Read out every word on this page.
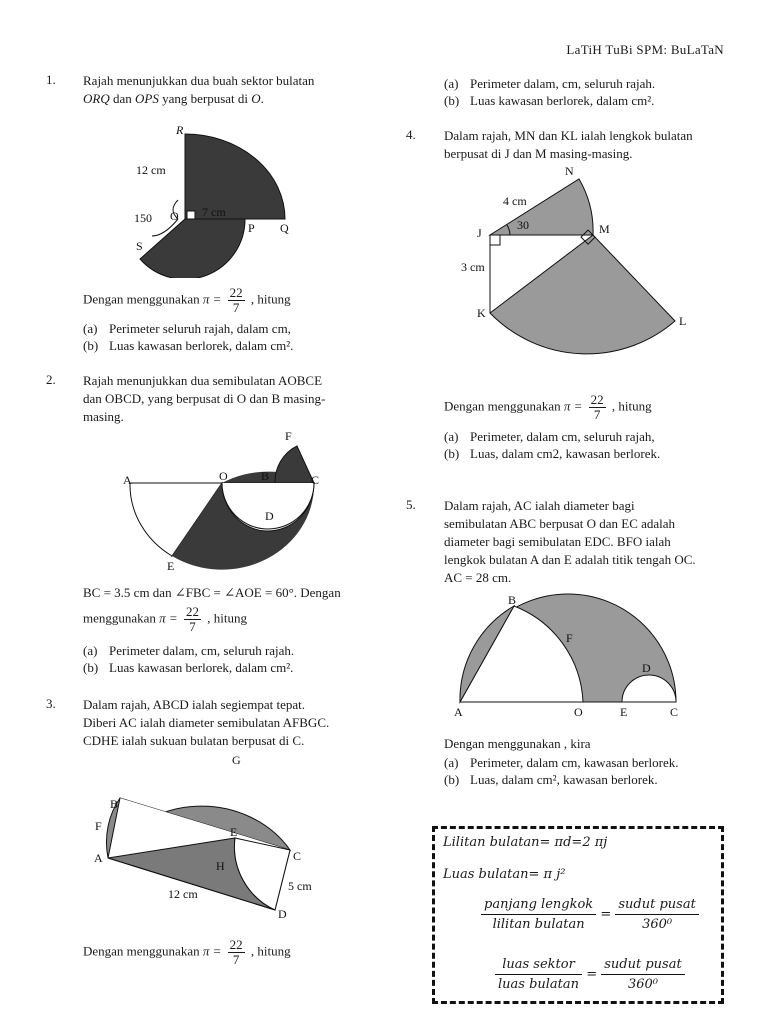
LaTiH TuBi SPM: BuLaTaN
1.	Rajah menunjukkan dua buah sektor bulatan
ORQ dan OPS yang berpusat di O.
R
12 cm
7 cm
150 O
P Q
S
Dengan menggunakan $\pi = \frac{22}{7}$ , hitung
(a) Perimeter seluruh rajah, dalam cm,
(b) Luas kawasan berlorek, dalam cm².
2.	Rajah menunjukkan dua semibulatan AOBCE
dan OBCD, yang berpusat di O dan B masing-
masing.
A	O	B	C
D
E
F
BC = 3.5 cm dan ∠FBC = ∠AOE = 60°. Dengan
menggunakan $\pi = \frac{22}{7}$ , hitung
(a) Perimeter dalam, cm, seluruh rajah.
(b) Luas kawasan berlorek, dalam cm².
3.	Dalam rajah, ABCD ialah segiempat tepat.
Diberi AC ialah diameter semibulatan AFBGC.
CDHE ialah sukuan bulatan berpusat di C.
G
B
F	E
A
H
C
5 cm
12 cm
D
Dengan menggunakan $\pi = \frac{22}{7}$ , hitung
(a) Perimeter dalam, cm, seluruh rajah.
(b) Luas kawasan berlorek, dalam cm².
4.	Dalam rajah, MN dan KL ialah lengkok bulatan
berpusat di J dan M masing-masing.
N
4 cm
30
J	M
3 cm
K
L
Dengan menggunakan $\pi = \frac{22}{7}$ , hitung
(a) Perimeter, dalam cm, seluruh rajah,
(b) Luas, dalam cm2, kawasan berlorek.
5.	Dalam rajah, AC ialah diameter bagi
semibulatan ABC berpusat O dan EC adalah
diameter bagi semibulatan EDC. BFO ialah
lengkok bulatan A dan E adalah titik tengah OC.
AC = 28 cm.
B
F
D
A	O	E	C
Dengan menggunakan , kira
(a) Perimeter, dalam cm, kawasan berlorek.
(b) Luas, dalam cm², kawasan berlorek.
Lilitan bulatan= πd=2 πj
Luas bulatan= π j²
panjang lengkok
lilitan bulatan
=
sudut pusat
360⁰
luas sektor
luas bulatan
=
sudut pusat
360⁰
